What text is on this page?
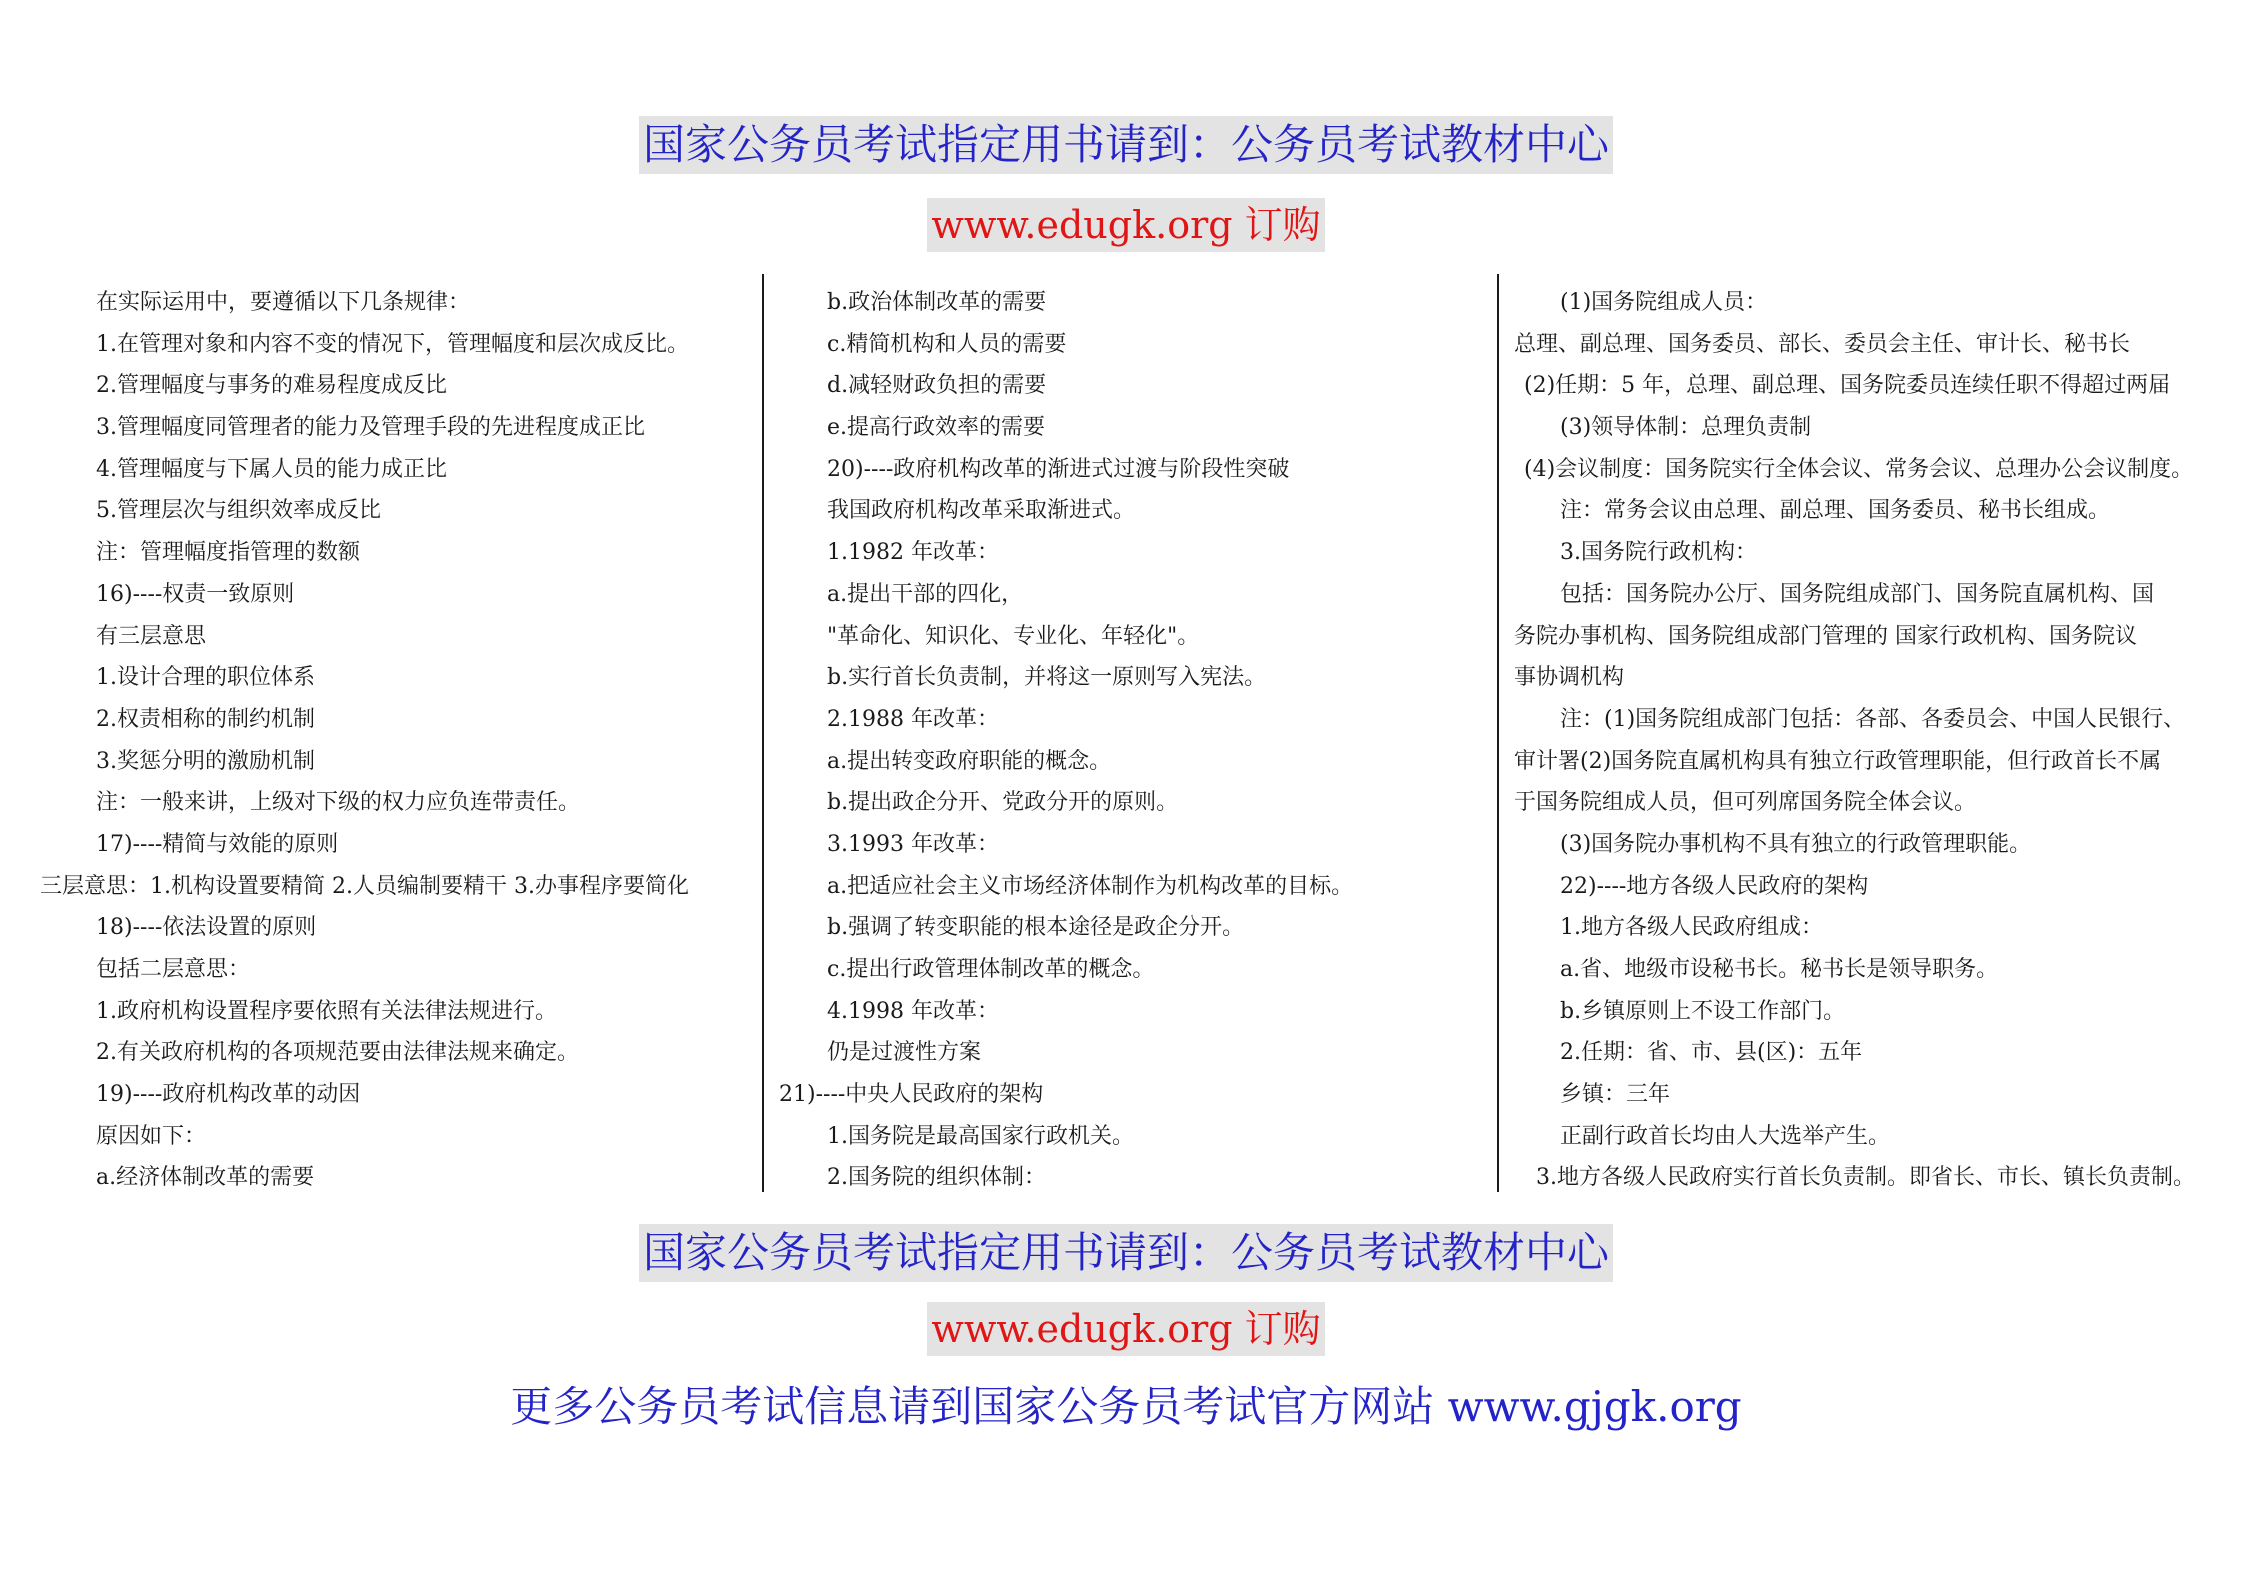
国家公务员考试指定用书请到：公务员考试教材中心
www.edugk.org 订购
在实际运用中，要遵循以下几条规律：
1.在管理对象和内容不变的情况下，管理幅度和层次成反比。
2.管理幅度与事务的难易程度成反比
3.管理幅度同管理者的能力及管理手段的先进程度成正比
4.管理幅度与下属人员的能力成正比
5.管理层次与组织效率成反比
注：管理幅度指管理的数额
16)----权责一致原则
有三层意思
1.设计合理的职位体系
2.权责相称的制约机制
3.奖惩分明的激励机制
注：一般来讲，上级对下级的权力应负连带责任。
17)----精简与效能的原则
三层意思：1.机构设置要精简 2.人员编制要精干 3.办事程序要简化
18)----依法设置的原则
包括二层意思：
1.政府机构设置程序要依照有关法律法规进行。
2.有关政府机构的各项规范要由法律法规来确定。
19)----政府机构改革的动因
原因如下：
a.经济体制改革的需要
b.政治体制改革的需要
c.精简机构和人员的需要
d.减轻财政负担的需要
e.提高行政效率的需要
20)----政府机构改革的渐进式过渡与阶段性突破
我国政府机构改革采取渐进式。
1.1982 年改革：
a.提出干部的四化，
"革命化、知识化、专业化、年轻化"。
b.实行首长负责制，并将这一原则写入宪法。
2.1988 年改革：
a.提出转变政府职能的概念。
b.提出政企分开、党政分开的原则。
3.1993 年改革：
a.把适应社会主义市场经济体制作为机构改革的目标。
b.强调了转变职能的根本途径是政企分开。
c.提出行政管理体制改革的概念。
4.1998 年改革：
仍是过渡性方案
21)----中央人民政府的架构
1.国务院是最高国家行政机关。
2.国务院的组织体制：
(1)国务院组成人员：
总理、副总理、国务委员、部长、委员会主任、审计长、秘书长
(2)任期：5 年，总理、副总理、国务院委员连续任职不得超过两届
(3)领导体制：总理负责制
(4)会议制度：国务院实行全体会议、常务会议、总理办公会议制度。
注：常务会议由总理、副总理、国务委员、秘书长组成。
3.国务院行政机构：
包括：国务院办公厅、国务院组成部门、国务院直属机构、国
务院办事机构、国务院组成部门管理的 国家行政机构、国务院议
事协调机构
注：(1)国务院组成部门包括：各部、各委员会、中国人民银行、
审计署(2)国务院直属机构具有独立行政管理职能，但行政首长不属
于国务院组成人员，但可列席国务院全体会议。
(3)国务院办事机构不具有独立的行政管理职能。
22)----地方各级人民政府的架构
1.地方各级人民政府组成：
a.省、地级市设秘书长。秘书长是领导职务。
b.乡镇原则上不设工作部门。
2.任期：省、市、县(区)：五年
乡镇：三年
正副行政首长均由人大选举产生。
3.地方各级人民政府实行首长负责制。即省长、市长、镇长负责制。
国家公务员考试指定用书请到：公务员考试教材中心
www.edugk.org 订购
更多公务员考试信息请到国家公务员考试官方网站 www.gjgk.org
